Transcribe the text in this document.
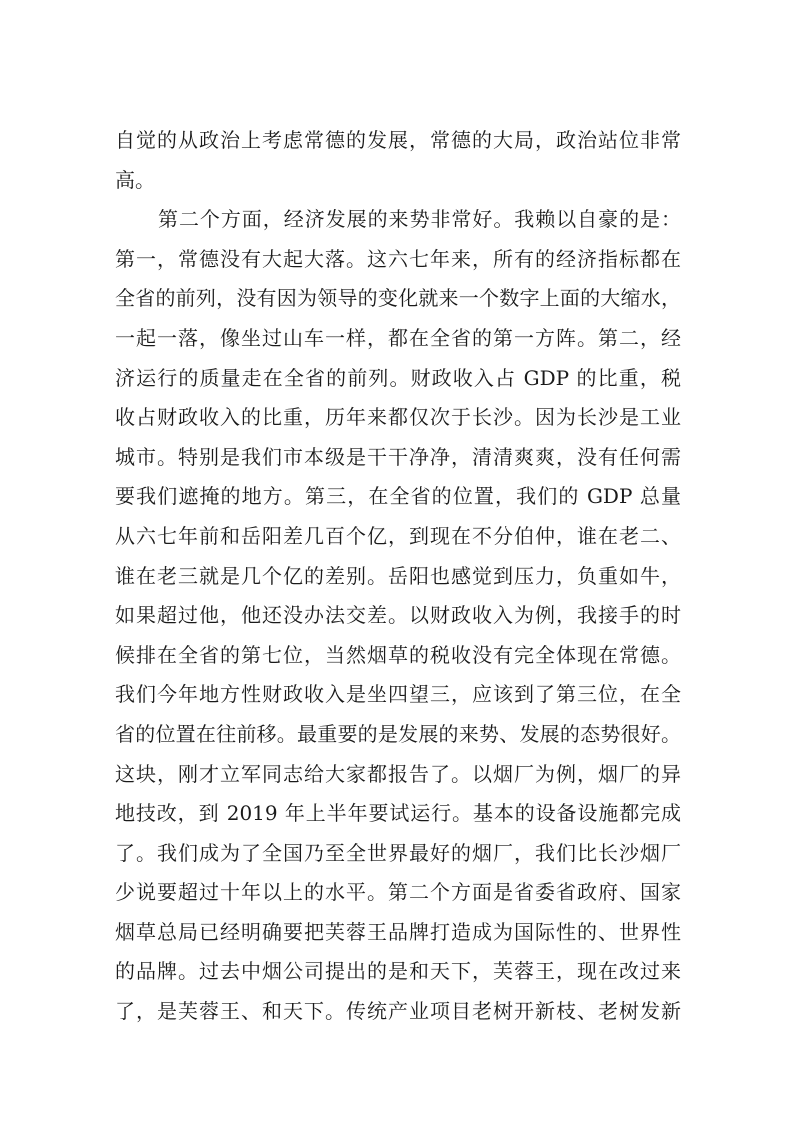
自觉的从政治上考虑常德的发展，常德的大局，政治站位非常
高。
第二个方面，经济发展的来势非常好。我赖以自豪的是：
第一，常德没有大起大落。这六七年来，所有的经济指标都在
全省的前列，没有因为领导的变化就来一个数字上面的大缩水，
一起一落，像坐过山车一样，都在全省的第一方阵。第二，经
济运行的质量走在全省的前列。财政收入占 GDP 的比重，税
收占财政收入的比重，历年来都仅次于长沙。因为长沙是工业
城市。特别是我们市本级是干干净净，清清爽爽，没有任何需
要我们遮掩的地方。第三，在全省的位置，我们的 GDP 总量
从六七年前和岳阳差几百个亿，到现在不分伯仲，谁在老二、
谁在老三就是几个亿的差别。岳阳也感觉到压力，负重如牛，
如果超过他，他还没办法交差。以财政收入为例，我接手的时
候排在全省的第七位，当然烟草的税收没有完全体现在常德。
我们今年地方性财政收入是坐四望三，应该到了第三位，在全
省的位置在往前移。最重要的是发展的来势、发展的态势很好。
这块，刚才立军同志给大家都报告了。以烟厂为例，烟厂的异
地技改，到 2019 年上半年要试运行。基本的设备设施都完成
了。我们成为了全国乃至全世界最好的烟厂，我们比长沙烟厂
少说要超过十年以上的水平。第二个方面是省委省政府、国家
烟草总局已经明确要把芙蓉王品牌打造成为国际性的、世界性
的品牌。过去中烟公司提出的是和天下，芙蓉王，现在改过来
了，是芙蓉王、和天下。传统产业项目老树开新枝、老树发新
